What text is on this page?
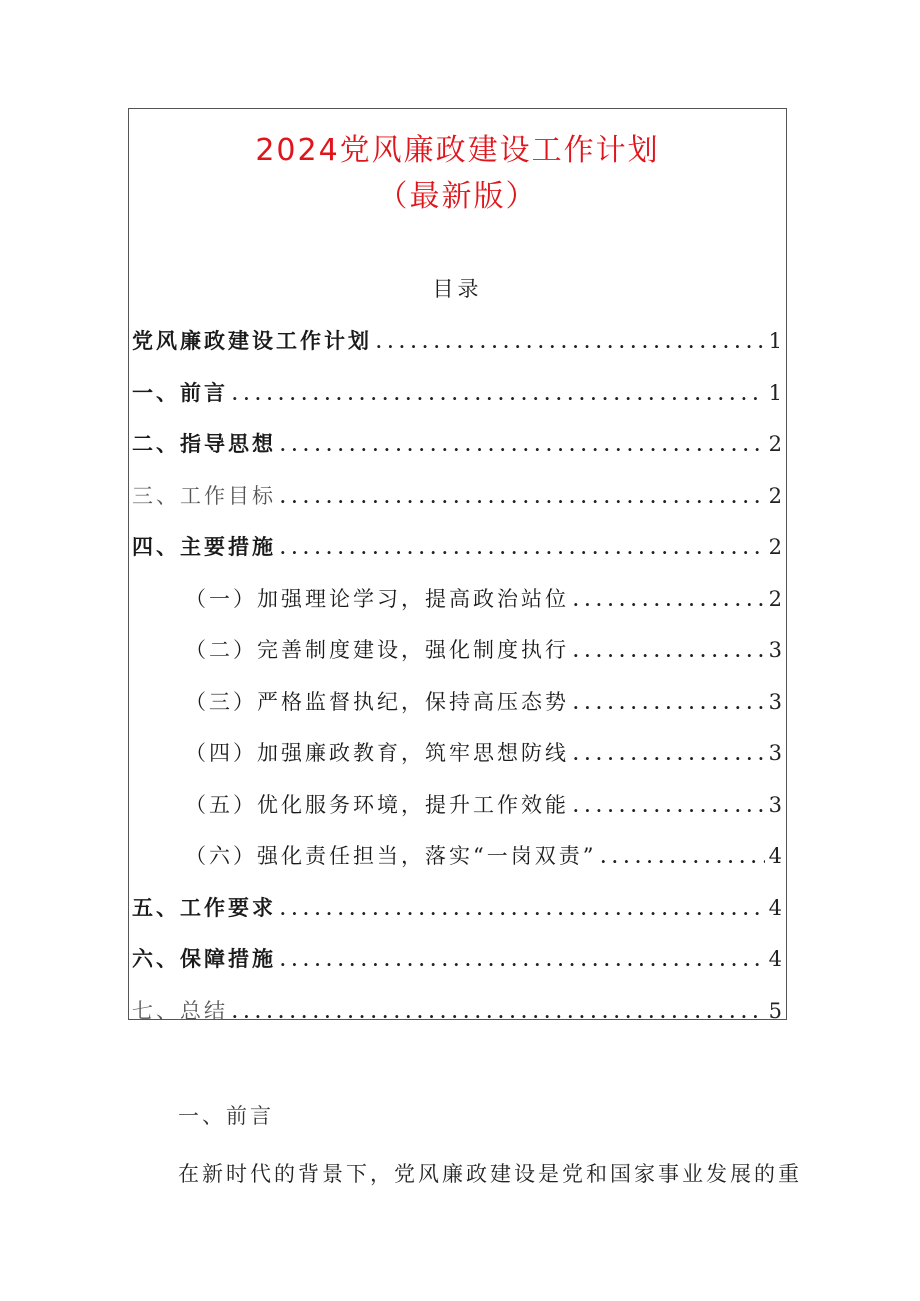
2024党风廉政建设工作计划
（最新版）
目录
党风廉政建设工作计划 .....	1
一、前言 .....	1
二、指导思想 .....	2
三、工作目标 .....	2
四、主要措施 .....	2
（一）加强理论学习，提高政治站位 .....	2
（二）完善制度建设，强化制度执行 .....	3
（三）严格监督执纪，保持高压态势 .....	3
（四）加强廉政教育，筑牢思想防线 .....	3
（五）优化服务环境，提升工作效能 .....	3
（六）强化责任担当，落实“一岗双责” .....	4
五、工作要求 .....	4
六、保障措施 .....	4
七、总结 .....	5
一、前言
在新时代的背景下，党风廉政建设是党和国家事业发展的重
